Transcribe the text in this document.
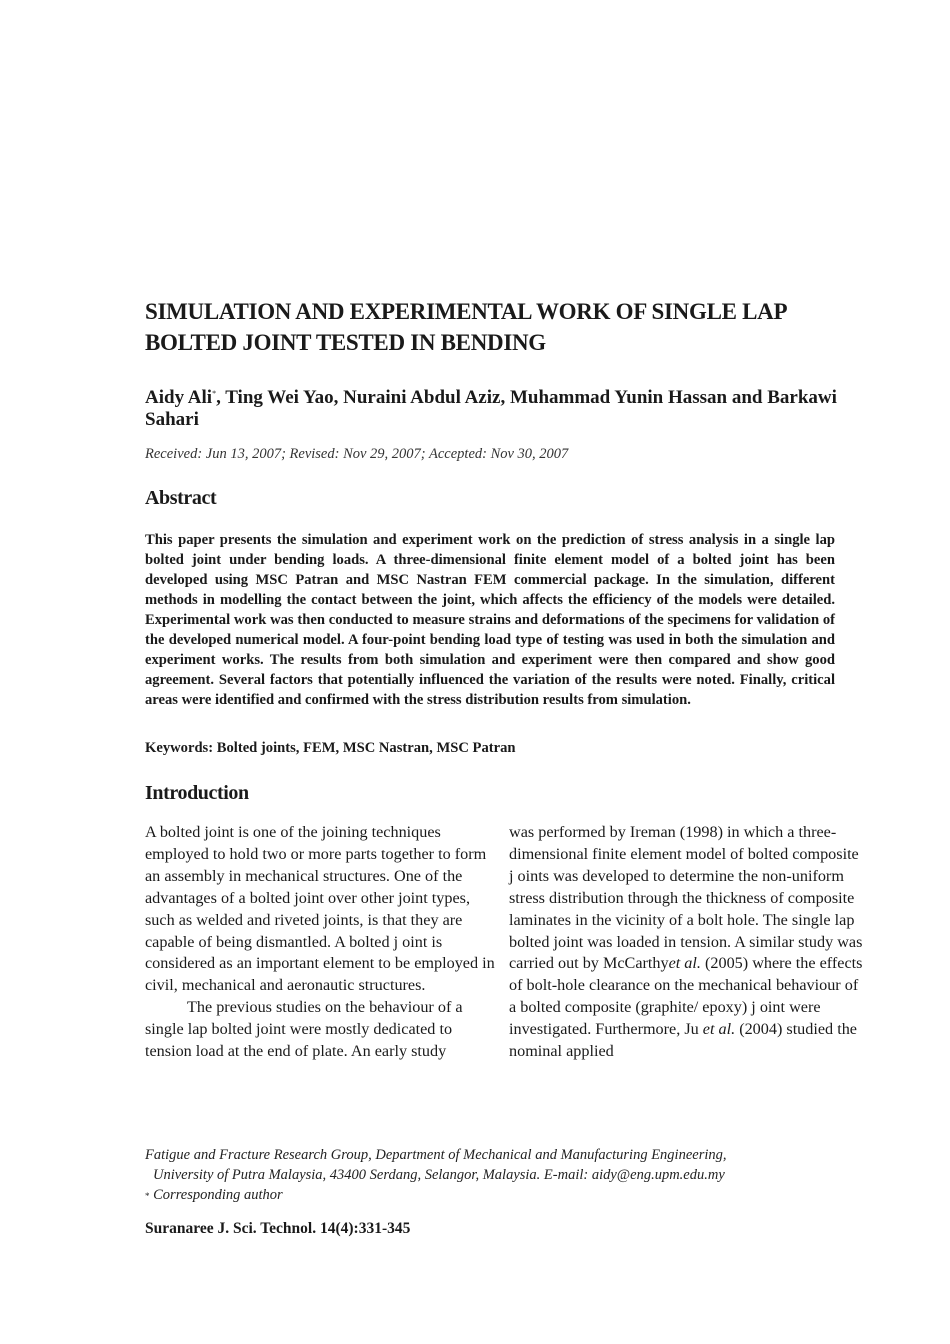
SIMULATION AND EXPERIMENTAL WORK OF SINGLE LAP
BOLTED JOINT TESTED IN BENDING

Aidy Ali*, Ting Wei Yao, Nuraini Abdul Aziz, Muhammad Yunin Hassan and Barkawi Sahari

Received: Jun 13, 2007; Revised: Nov 29, 2007; Accepted: Nov 30, 2007

Abstract

This paper presents the simulation and experiment work on the prediction of stress analysis in a single lap bolted joint under bending loads. A three-dimensional finite element model of a bolted joint has been developed using MSC Patran and MSC Nastran FEM commercial package. In the simulation, different methods in modelling the contact between the joint, which affects the efficiency of the models were detailed. Experimental work was then conducted to measure strains and deformations of the specimens for validation of the developed numerical model. A four-point bending load type of testing was used in both the simulation and experiment works. The results from both simulation and experiment were then compared and show good agreement. Several factors that potentially influenced the variation of the results were noted. Finally, critical areas were identified and confirmed with the stress distribution results from simulation.

Keywords: Bolted joints, FEM, MSC Nastran, MSC Patran

Introduction

A bolted joint is one of the joining techniques employed to hold two or more parts together to form an assembly in mechanical structures. One of the advantages of a bolted joint over other joint types, such as welded and riveted joints, is that they are capable of being dismantled. A bolted j oint is considered as an important element to be employed in civil, mechanical and aeronautic structures.

The previous studies on the behaviour of a single lap bolted joint were mostly dedicated to tension load at the end of plate. An early study

was performed by Ireman (1998) in which a three-dimensional finite element model of bolted composite j oints was developed to determine the non-uniform stress distribution through the thickness of composite laminates in the vicinity of a bolt hole. The single lap bolted joint was loaded in tension. A similar study was carried out by McCarthyet al. (2005) where the effects of bolt-hole clearance on the mechanical behaviour of a bolted composite (graphite/ epoxy) j oint were investigated. Furthermore, Ju et al. (2004) studied the nominal applied

Fatigue and Fracture Research Group, Department of Mechanical and Manufacturing Engineering,
University of Putra Malaysia, 43400 Serdang, Selangor, Malaysia. E-mail: aidy@eng.upm.edu.my
* Corresponding author

Suranaree J. Sci. Technol. 14(4):331-345
